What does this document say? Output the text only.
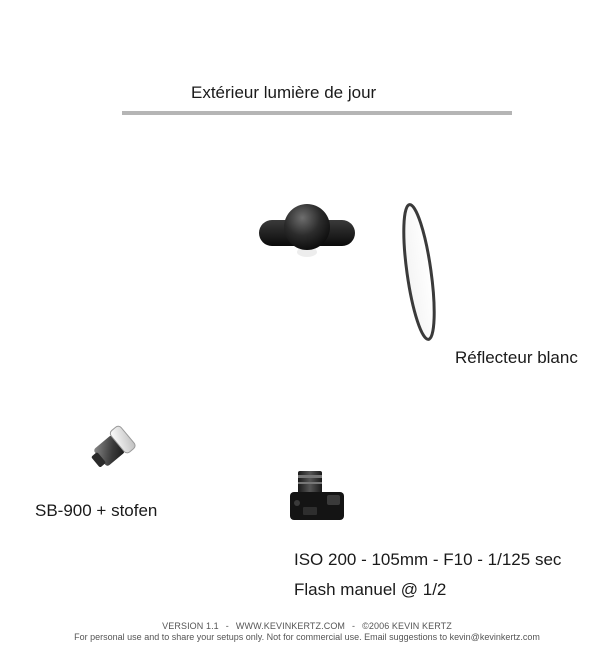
Extérieur lumière de jour
Réflecteur blanc
SB-900 + stofen
ISO 200 - 105mm - F10 - 1/125 sec
Flash manuel @ 1/2
VERSION 1.1 - WWW.KEVINKERTZ.COM - ©2006 KEVIN KERTZ
For personal use and to share your setups only. Not for commercial use. Email suggestions to kevin@kevinkertz.com
